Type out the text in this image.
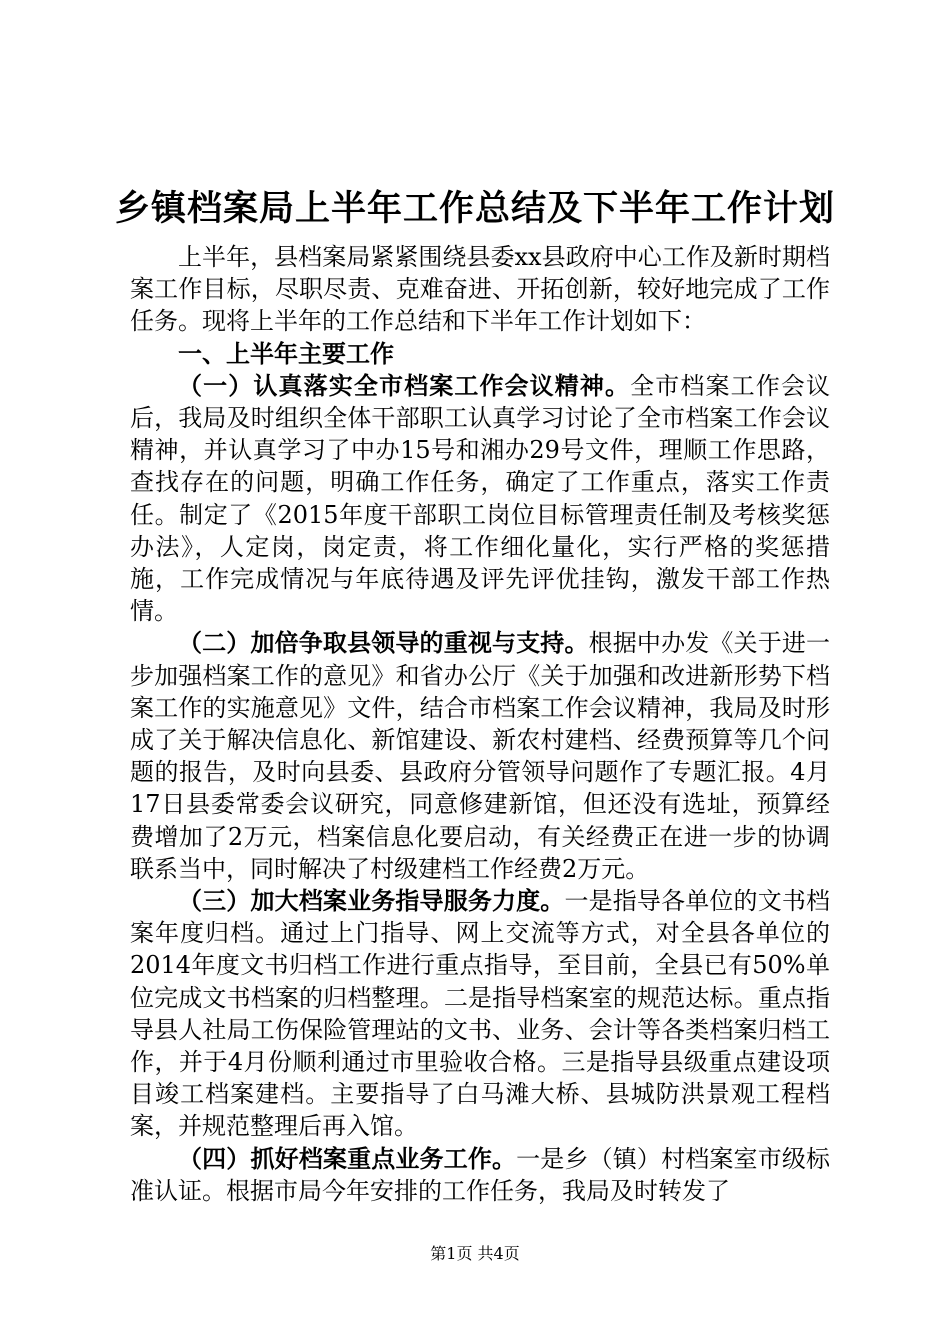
乡镇档案局上半年工作总结及下半年工作计划

上半年，县档案局紧紧围绕县委xx县政府中心工作及新时期档案工作目标，尽职尽责、克难奋进、开拓创新，较好地完成了工作任务。现将上半年的工作总结和下半年工作计划如下：

一、上半年主要工作

（一）认真落实全市档案工作会议精神。全市档案工作会议后，我局及时组织全体干部职工认真学习讨论了全市档案工作会议精神，并认真学习了中办15号和湘办29号文件，理顺工作思路，查找存在的问题，明确工作任务，确定了工作重点，落实工作责任。制定了《2015年度干部职工岗位目标管理责任制及考核奖惩办法》，人定岗，岗定责，将工作细化量化，实行严格的奖惩措施，工作完成情况与年底待遇及评先评优挂钩，激发干部工作热情。

（二）加倍争取县领导的重视与支持。根据中办发《关于进一步加强档案工作的意见》和省办公厅《关于加强和改进新形势下档案工作的实施意见》文件，结合市档案工作会议精神，我局及时形成了关于解决信息化、新馆建设、新农村建档、经费预算等几个问题的报告，及时向县委、县政府分管领导问题作了专题汇报。4月17日县委常委会议研究，同意修建新馆，但还没有选址，预算经费增加了2万元，档案信息化要启动，有关经费正在进一步的协调联系当中，同时解决了村级建档工作经费2万元。

（三）加大档案业务指导服务力度。一是指导各单位的文书档案年度归档。通过上门指导、网上交流等方式，对全县各单位的2014年度文书归档工作进行重点指导，至目前，全县已有50%单位完成文书档案的归档整理。二是指导档案室的规范达标。重点指导县人社局工伤保险管理站的文书、业务、会计等各类档案归档工作，并于4月份顺利通过市里验收合格。三是指导县级重点建设项目竣工档案建档。主要指导了白马滩大桥、县城防洪景观工程档案，并规范整理后再入馆。

（四）抓好档案重点业务工作。一是乡（镇）村档案室市级标准认证。根据市局今年安排的工作任务，我局及时转发了

第1页 共4页
